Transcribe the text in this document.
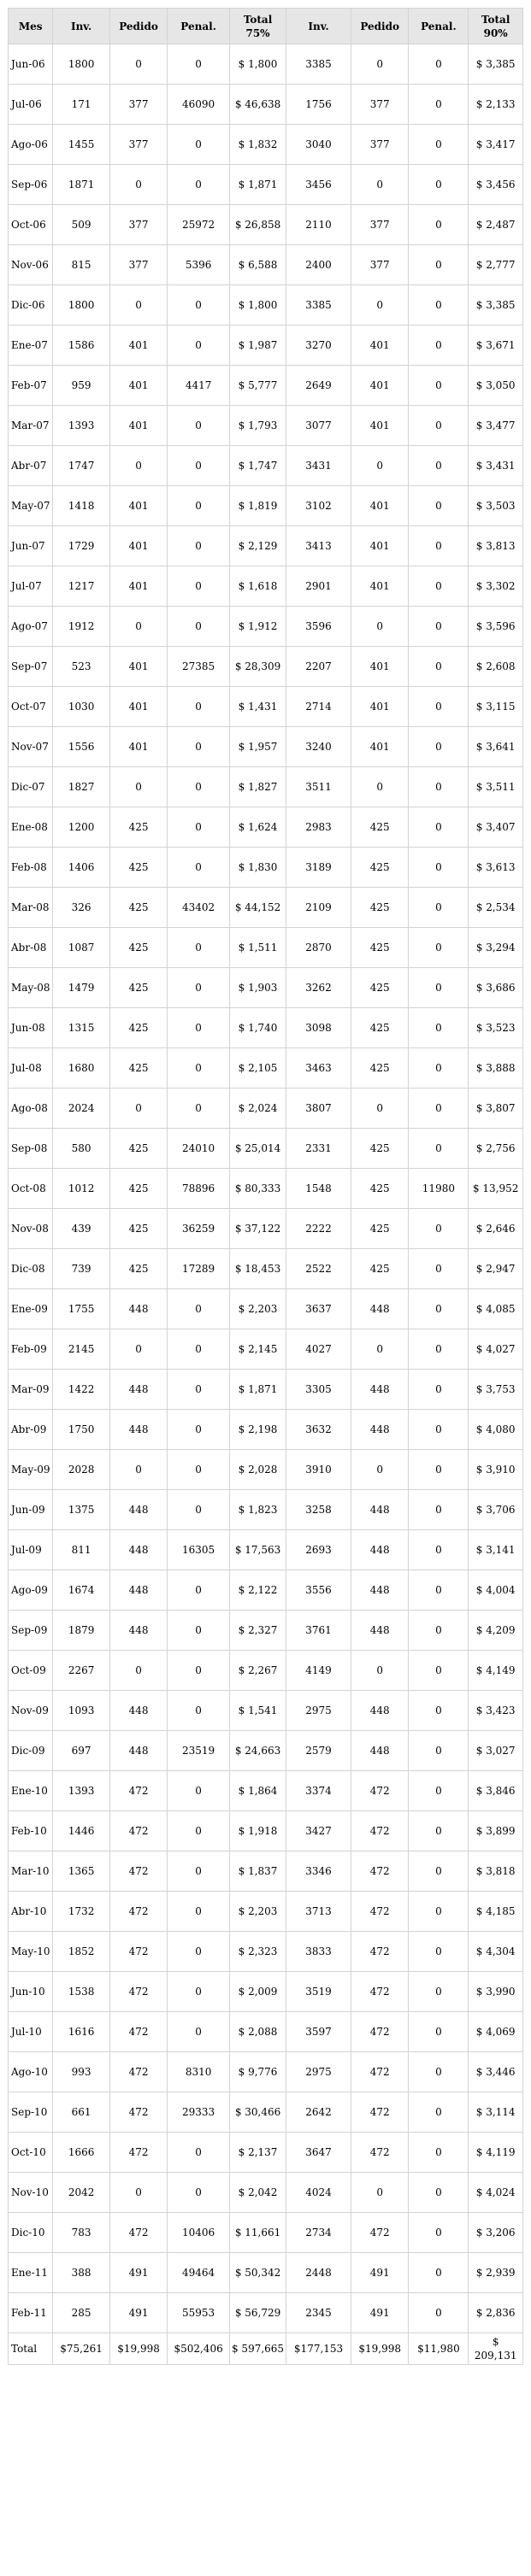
Mes	Inv.	Pedido	Penal.	Total 75%	Inv.	Pedido	Penal.	Total 90%
Jun-06	1800	0	0	$ 1,800	3385	0	0	$ 3,385
Jul-06	171	377	46090	$ 46,638	1756	377	0	$ 2,133
Ago-06	1455	377	0	$ 1,832	3040	377	0	$ 3,417
Sep-06	1871	0	0	$ 1,871	3456	0	0	$ 3,456
Oct-06	509	377	25972	$ 26,858	2110	377	0	$ 2,487
Nov-06	815	377	5396	$ 6,588	2400	377	0	$ 2,777
Dic-06	1800	0	0	$ 1,800	3385	0	0	$ 3,385
Ene-07	1586	401	0	$ 1,987	3270	401	0	$ 3,671
Feb-07	959	401	4417	$ 5,777	2649	401	0	$ 3,050
Mar-07	1393	401	0	$ 1,793	3077	401	0	$ 3,477
Abr-07	1747	0	0	$ 1,747	3431	0	0	$ 3,431
May-07	1418	401	0	$ 1,819	3102	401	0	$ 3,503
Jun-07	1729	401	0	$ 2,129	3413	401	0	$ 3,813
Jul-07	1217	401	0	$ 1,618	2901	401	0	$ 3,302
Ago-07	1912	0	0	$ 1,912	3596	0	0	$ 3,596
Sep-07	523	401	27385	$ 28,309	2207	401	0	$ 2,608
Oct-07	1030	401	0	$ 1,431	2714	401	0	$ 3,115
Nov-07	1556	401	0	$ 1,957	3240	401	0	$ 3,641
Dic-07	1827	0	0	$ 1,827	3511	0	0	$ 3,511
Ene-08	1200	425	0	$ 1,624	2983	425	0	$ 3,407
Feb-08	1406	425	0	$ 1,830	3189	425	0	$ 3,613
Mar-08	326	425	43402	$ 44,152	2109	425	0	$ 2,534
Abr-08	1087	425	0	$ 1,511	2870	425	0	$ 3,294
May-08	1479	425	0	$ 1,903	3262	425	0	$ 3,686
Jun-08	1315	425	0	$ 1,740	3098	425	0	$ 3,523
Jul-08	1680	425	0	$ 2,105	3463	425	0	$ 3,888
Ago-08	2024	0	0	$ 2,024	3807	0	0	$ 3,807
Sep-08	580	425	24010	$ 25,014	2331	425	0	$ 2,756
Oct-08	1012	425	78896	$ 80,333	1548	425	11980	$ 13,952
Nov-08	439	425	36259	$ 37,122	2222	425	0	$ 2,646
Dic-08	739	425	17289	$ 18,453	2522	425	0	$ 2,947
Ene-09	1755	448	0	$ 2,203	3637	448	0	$ 4,085
Feb-09	2145	0	0	$ 2,145	4027	0	0	$ 4,027
Mar-09	1422	448	0	$ 1,871	3305	448	0	$ 3,753
Abr-09	1750	448	0	$ 2,198	3632	448	0	$ 4,080
May-09	2028	0	0	$ 2,028	3910	0	0	$ 3,910
Jun-09	1375	448	0	$ 1,823	3258	448	0	$ 3,706
Jul-09	811	448	16305	$ 17,563	2693	448	0	$ 3,141
Ago-09	1674	448	0	$ 2,122	3556	448	0	$ 4,004
Sep-09	1879	448	0	$ 2,327	3761	448	0	$ 4,209
Oct-09	2267	0	0	$ 2,267	4149	0	0	$ 4,149
Nov-09	1093	448	0	$ 1,541	2975	448	0	$ 3,423
Dic-09	697	448	23519	$ 24,663	2579	448	0	$ 3,027
Ene-10	1393	472	0	$ 1,864	3374	472	0	$ 3,846
Feb-10	1446	472	0	$ 1,918	3427	472	0	$ 3,899
Mar-10	1365	472	0	$ 1,837	3346	472	0	$ 3,818
Abr-10	1732	472	0	$ 2,203	3713	472	0	$ 4,185
May-10	1852	472	0	$ 2,323	3833	472	0	$ 4,304
Jun-10	1538	472	0	$ 2,009	3519	472	0	$ 3,990
Jul-10	1616	472	0	$ 2,088	3597	472	0	$ 4,069
Ago-10	993	472	8310	$ 9,776	2975	472	0	$ 3,446
Sep-10	661	472	29333	$ 30,466	2642	472	0	$ 3,114
Oct-10	1666	472	0	$ 2,137	3647	472	0	$ 4,119
Nov-10	2042	0	0	$ 2,042	4024	0	0	$ 4,024
Dic-10	783	472	10406	$ 11,661	2734	472	0	$ 3,206
Ene-11	388	491	49464	$ 50,342	2448	491	0	$ 2,939
Feb-11	285	491	55953	$ 56,729	2345	491	0	$ 2,836
Total	$75,261	$19,998	$502,406	$ 597,665	$177,153	$19,998	$11,980	$ 209,131
